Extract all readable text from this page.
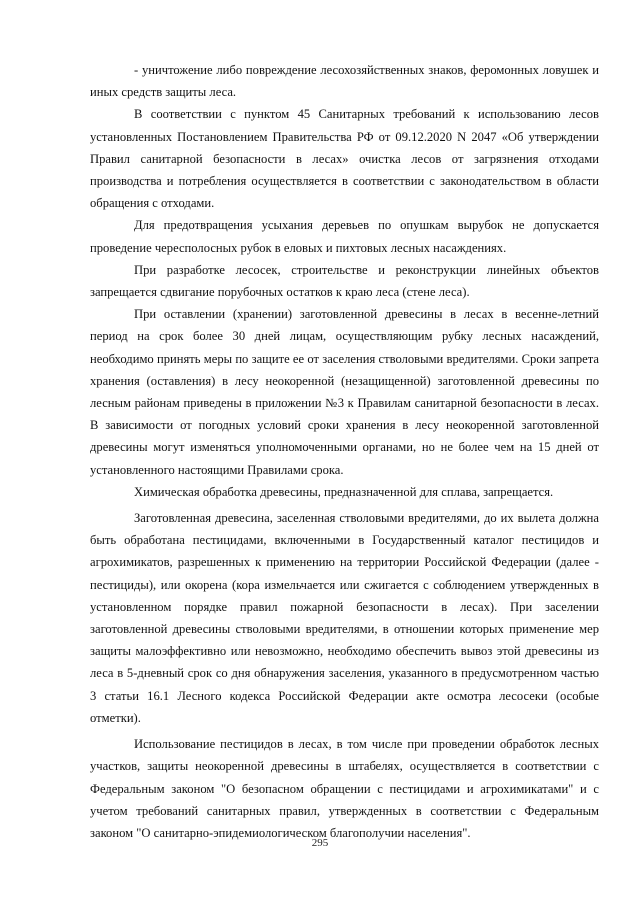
- уничтожение либо повреждение лесохозяйственных знаков, феромонных ловушек и иных средств защиты леса.

В соответствии с пунктом 45 Санитарных требований к использованию лесов установленных Постановлением Правительства РФ от 09.12.2020 N 2047 «Об утверждении Правил санитарной безопасности в лесах» очистка лесов от загрязнения отходами производства и потребления осуществляется в соответствии с законодательством в области обращения с отходами.

Для предотвращения усыхания деревьев по опушкам вырубок не допускается проведение чересполосных рубок в еловых и пихтовых лесных насаждениях.

При разработке лесосек, строительстве и реконструкции линейных объектов запрещается сдвигание порубочных остатков к краю леса (стене леса).

При оставлении (хранении) заготовленной древесины в лесах в весенне-летний период на срок более 30 дней лицам, осуществляющим рубку лесных насаждений, необходимо принять меры по защите ее от заселения стволовыми вредителями. Сроки запрета хранения (оставления) в лесу неокоренной (незащищенной) заготовленной древесины по лесным районам приведены в приложении №3 к Правилам санитарной безопасности в лесах. В зависимости от погодных условий сроки хранения в лесу неокоренной заготовленной древесины могут изменяться уполномоченными органами, но не более чем на 15 дней от установленного настоящими Правилами срока.

Химическая обработка древесины, предназначенной для сплава, запрещается.

Заготовленная древесина, заселенная стволовыми вредителями, до их вылета должна быть обработана пестицидами, включенными в Государственный каталог пестицидов и агрохимикатов, разрешенных к применению на территории Российской Федерации (далее - пестициды), или окорена (кора измельчается или сжигается с соблюдением утвержденных в установленном порядке правил пожарной безопасности в лесах). При заселении заготовленной древесины стволовыми вредителями, в отношении которых применение мер защиты малоэффективно или невозможно, необходимо обеспечить вывоз этой древесины из леса в 5-дневный срок со дня обнаружения заселения, указанного в предусмотренном частью 3 статьи 16.1 Лесного кодекса Российской Федерации акте осмотра лесосеки (особые отметки).

Использование пестицидов в лесах, в том числе при проведении обработок лесных участков, защиты неокоренной древесины в штабелях, осуществляется в соответствии с Федеральным законом "О безопасном обращении с пестицидами и агрохимикатами" и с учетом требований санитарных правил, утвержденных в соответствии с Федеральным законом "О санитарно-эпидемиологическом благополучии населения".

295
